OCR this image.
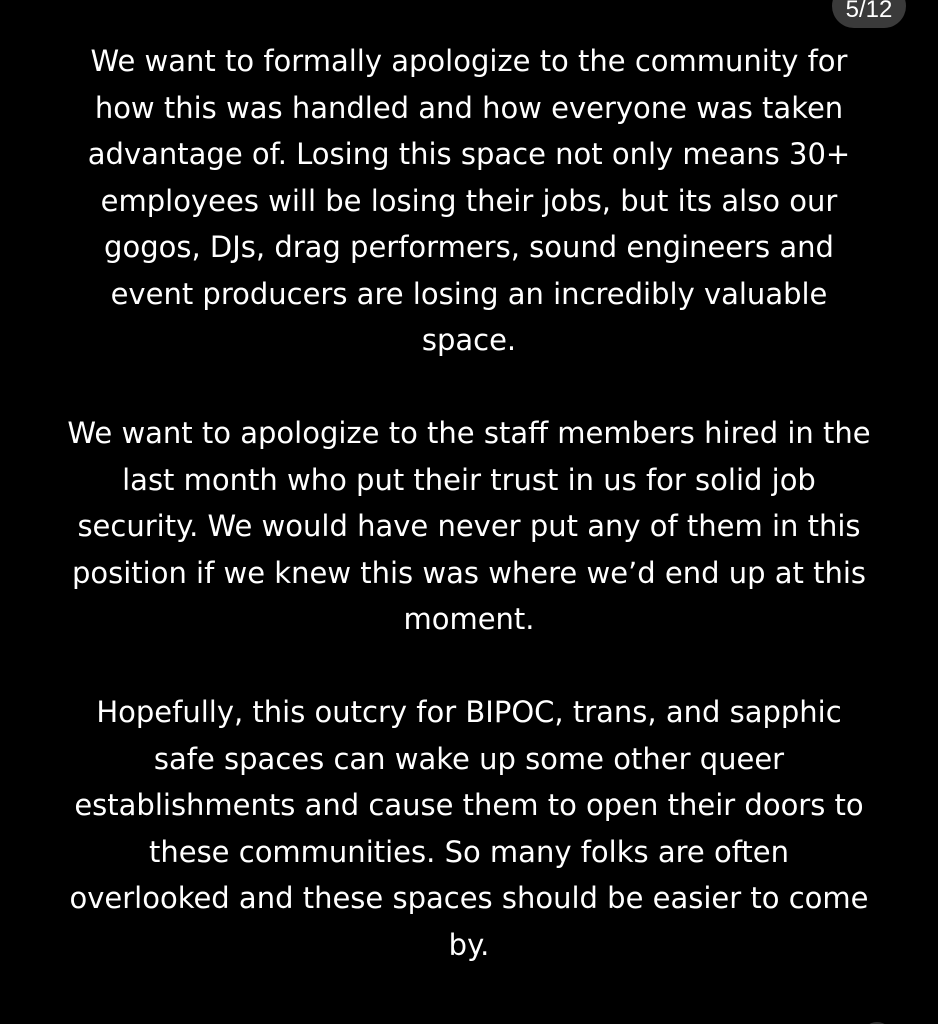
5/12

We want to formally apologize to the community for
how this was handled and how everyone was taken
advantage of. Losing this space not only means 30+
employees will be losing their jobs, but its also our
gogos, DJs, drag performers, sound engineers and
event producers are losing an incredibly valuable
space.

We want to apologize to the staff members hired in the
last month who put their trust in us for solid job
security. We would have never put any of them in this
position if we knew this was where we’d end up at this
moment.

Hopefully, this outcry for BIPOC, trans, and sapphic
safe spaces can wake up some other queer
establishments and cause them to open their doors to
these communities. So many folks are often
overlooked and these spaces should be easier to come
by.
